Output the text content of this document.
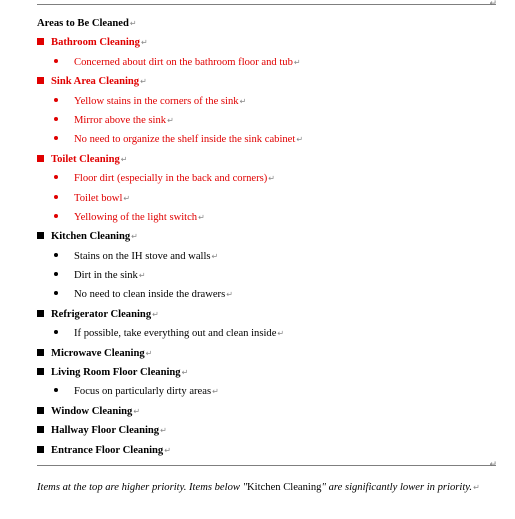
↵
Areas to Be Cleaned↵
Bathroom Cleaning↵
Concerned about dirt on the bathroom floor and tub↵
Sink Area Cleaning↵
Yellow stains in the corners of the sink↵
Mirror above the sink↵
No need to organize the shelf inside the sink cabinet↵
Toilet Cleaning↵
Floor dirt (especially in the back and corners)↵
Toilet bowl↵
Yellowing of the light switch↵
Kitchen Cleaning↵
Stains on the IH stove and walls↵
Dirt in the sink↵
No need to clean inside the drawers↵
Refrigerator Cleaning↵
If possible, take everything out and clean inside↵
Microwave Cleaning↵
Living Room Floor Cleaning↵
Focus on particularly dirty areas↵
Window Cleaning↵
Hallway Floor Cleaning↵
Entrance Floor Cleaning↵
↵
Items at the top are higher priority. Items below "Kitchen Cleaning" are significantly lower in priority.↵
